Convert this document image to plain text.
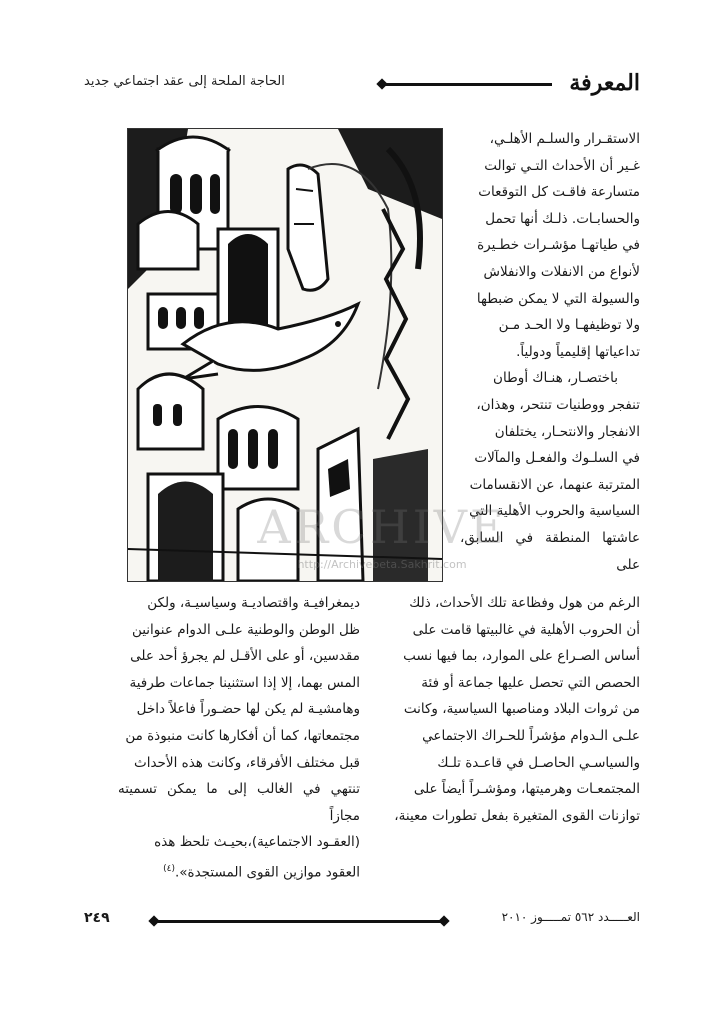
المعرفة
الحاجة الملحة إلى عقد اجتماعي جديد

الاستقـرار والسلـم الأهلـي،

غـير أن الأحداث التـي توالت

متسارعة فاقـت كل التوقعات

والحسابـات. ذلـك أنها تحمل

في طياتهـا مؤشـرات خطـيرة

لأنواع من الانفلات والانفلاش

والسيولة التي لا يمكن ضبطها

ولا توظيفهـا ولا الحـد مـن

تداعياتها إقليمياً ودولياً.

باختصـار، هنـاك أوطان

تنفجر ووطنيات تنتحر، وهذان،

الانفجار والانتحـار، يختلفان

في السلـوك والفعـل والمآلات

المترتبة عنهما، عن الانقسامات

السياسية والحروب الأهلية التي

عاشتها المنطقة في السابق، على

ARCHIVE
http://Archivebeta.Sakhrit.com

الرغم من هول وفظاعة تلك الأحداث، ذلك

أن الحروب الأهلية في غالبيتها قامت على

أساس الصـراع على الموارد، بما فيها نسب

الحصص التي تحصل عليها جماعة أو فئة

من ثروات البلاد ومناصبها السياسية، وكانت

علـى الـدوام مؤشراً للحـراك الاجتماعي

والسياسـي الحاصـل في قاعـدة تلـك

المجتمعـات وهرميتها، ومؤشـراً أيضاً على

توازنات القوى المتغيرة بفعل تطورات معينة،

ديمغرافيـة واقتصاديـة وسياسيـة، ولكن

ظل الوطن والوطنية علـى الدوام عنوانين

مقدسين، أو على الأقـل لم يجرؤ أحد على

المس بهما، إلا إذا استثنينا جماعات طرفية

وهامشيـة لم يكن لها حضـوراً فاعلاً داخل

مجتمعاتها، كما أن أفكارها كانت منبوذة من

قبل مختلف الأفرقاء، وكانت هذه الأحداث

تنتهي في الغالب إلى ما يمكن تسميته مجازاً

(العقـود الاجتماعية)،بحيـث تلحظ هذه

العقود موازين القوى المستجدة».$^{(٤)}$

٢٤٩	العـــــدد ٥٦٢ تمـــــوز ٢٠١٠
